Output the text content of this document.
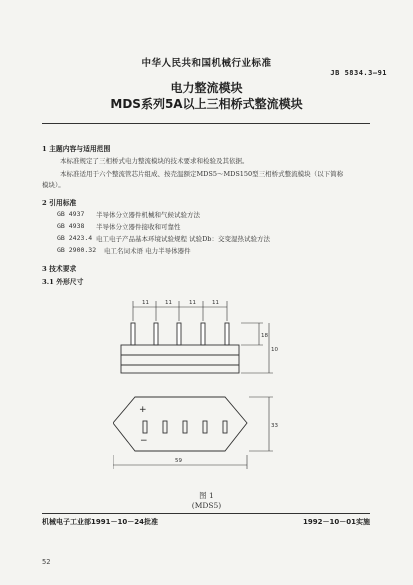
中华人民共和国机械行业标准
JB 5834.3—91
电力整流模块
MDS系列5A以上三相桥式整流模块
1 主题内容与适用范围
本标准规定了三相桥式电力整流模块的技术要求和检验及其依据。
本标准适用于六个整流管芯片组成、按壳温额定MDS5～MDS150型三相桥式整流模块（以下简称
模块）。
2 引用标准
GB 4937 半导体分立器件机械和气候试验方法
GB 4938 半导体分立器件接收和可靠性
GB 2423.4 电工电子产品基本环境试验规程 试验Db：交变湿热试验方法
GB 2900.32 电工名词术语 电力半导体器件
3 技术要求
3.1 外形尺寸
11	11	11	11
18
10
33
59
+
−
图 1
(MDS5)
机械电子工业部1991－10－24批准	1992－10－01实施
52
